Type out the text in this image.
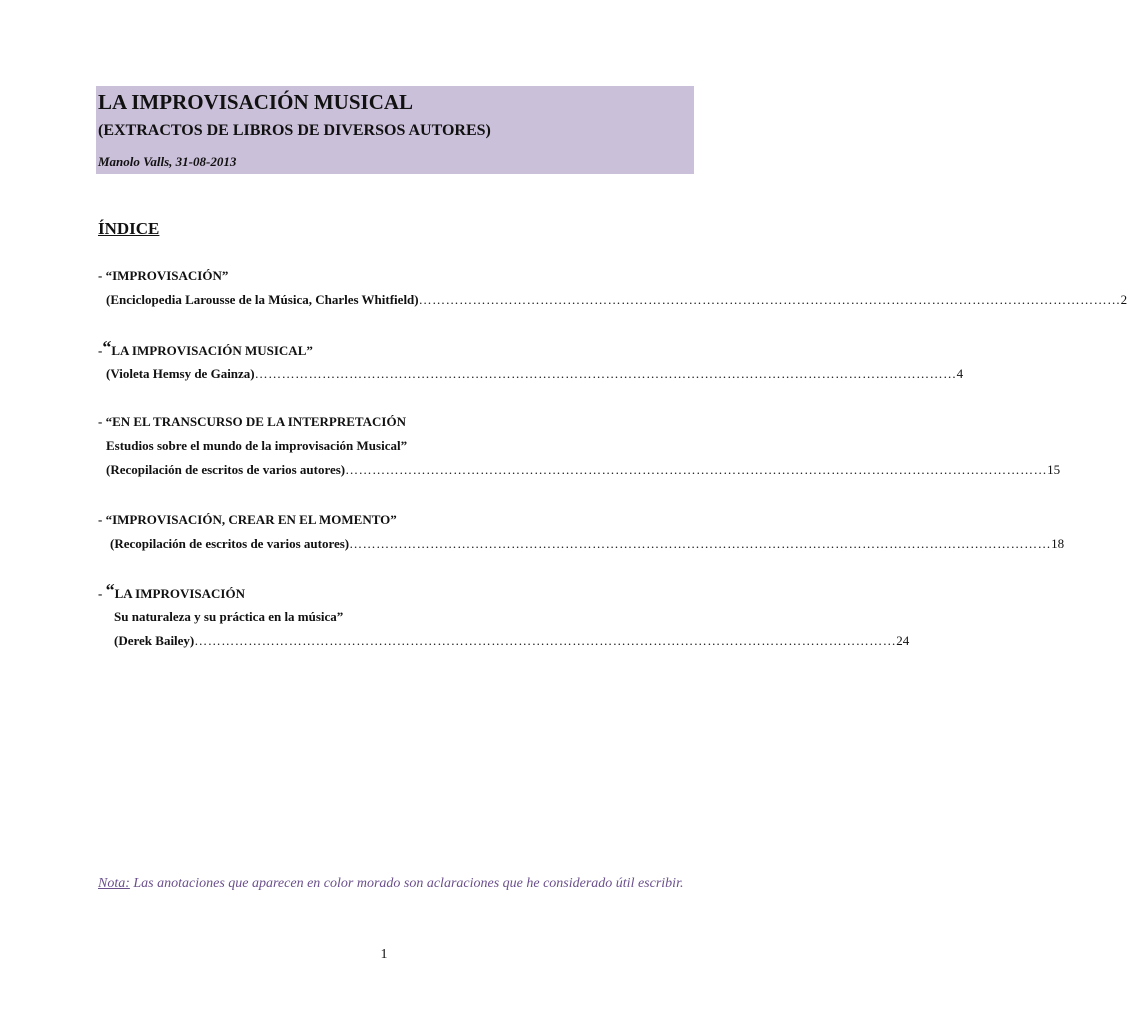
LA IMPROVISACIÓN MUSICAL
(EXTRACTOS DE LIBROS DE DIVERSOS AUTORES)
Manolo Valls, 31-08-2013
ÍNDICE
- “IMPROVISACIÓN”
(Enciclopedia Larousse de la Música, Charles Whitfield) ………………………………………………………………………………………………………………………………………… 2
-“LA IMPROVISACIÓN MUSICAL”
(Violeta Hemsy de Gainza) ………………………………………………………………………………………………………………………………………… 4
- “EN EL TRANSCURSO DE LA INTERPRETACIÓN
Estudios sobre el mundo de la improvisación Musical”
(Recopilación de escritos de varios autores) ………………………………………………………………………………………………………………………………………… 15
- “IMPROVISACIÓN, CREAR EN EL MOMENTO”
(Recopilación de escritos de varios autores) ………………………………………………………………………………………………………………………………………… 18
- “LA IMPROVISACIÓN
Su naturaleza y su práctica en la música”
(Derek Bailey) ………………………………………………………………………………………………………………………………………… 24
Nota: Las anotaciones que aparecen en color morado son aclaraciones que he considerado útil escribir.
1
